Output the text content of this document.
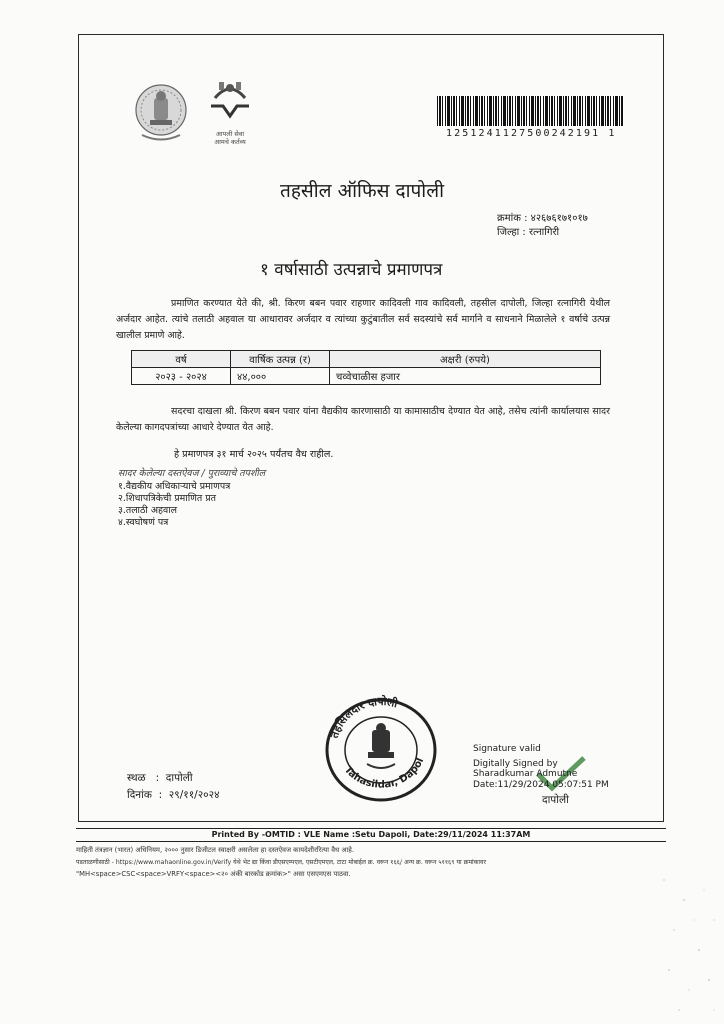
आपली सेवा
आमचे कर्तव्य
1251241127500242191 1
तहसील ऑफिस दापोली
क्रमांक : ४२६७६१७१०१७
जिल्हा : रत्नागिरी
१ वर्षासाठी उत्पन्नाचे प्रमाणपत्र
प्रमाणित करण्यात येते की, श्री. किरण बबन पवार राहणार कादिवली गाव कादिवली, तहसील दापोली, जिल्हा रत्नागिरी येथील अर्जदार आहेत. त्यांचे तलाठी अहवाल या आधारावर अर्जदार व त्यांच्या कुटुंबातील सर्व सदस्यांचे सर्व मार्गाने व साधनाने मिळालेले १ वर्षाचे उत्पन्न खालील प्रमाणे आहे.
वर्ष	वार्षिक उत्पन्न (र)	अक्षरी (रुपये)
२०२३ - २०२४	४४,०००	चव्वेचाळीस हजार
सदरचा दाखला श्री. किरण बबन पवार यांना वैद्यकीय कारणासाठी या कामासाठीच देण्यात येत आहे, तसेच त्यांनी कार्यालयास सादर केलेल्या कागदपत्रांच्या आधारे देण्यात येत आहे.
हे प्रमाणपत्र ३१ मार्च २०२५ पर्यंतच वैध राहील.
सादर केलेल्या दस्तऐवज / पुराव्याचे तपशील
१.वैद्यकीय अधिकाऱ्याचे प्रमाणपत्र
२.शिधापत्रिकेची प्रमाणित प्रत
३.तलाठी अहवाल
४.स्वघोषणं पत्र
तहसिलदार दापोली
Tahasildar, Dapol
स्थळ   :  दापोली
दिनांक  :  २९/११/२०२४
Signature valid
Digitally Signed by
Sharadkumar Admutne
Date:11/29/2024 05:07:51 PM
दापोली
Printed By -OMTID : VLE Name :Setu Dapoli, Date:29/11/2024 11:37AM
माहिती तंत्रज्ञान (भारत) अधिनियम, २००० नुसार डिजीटल स्वाक्षरी असलेला हा दस्तऐवज कायदेशीररित्या वैध आहे.
पडताळणीसाठी - https://www.mahaonline.gov.in/Verify येथे भेट द्या किंवा डीएसएम्पएल, एसटीएमएल, टाटा मोबाईल क्र. वरून १६६/ अन्य क्र. वरून ५११६९ या क्रमांकावर
"MH<space>CSC<space>VRFY<space><२० अंकी बारकोड क्रमांक>" असा एसएमएस पाठवा.
